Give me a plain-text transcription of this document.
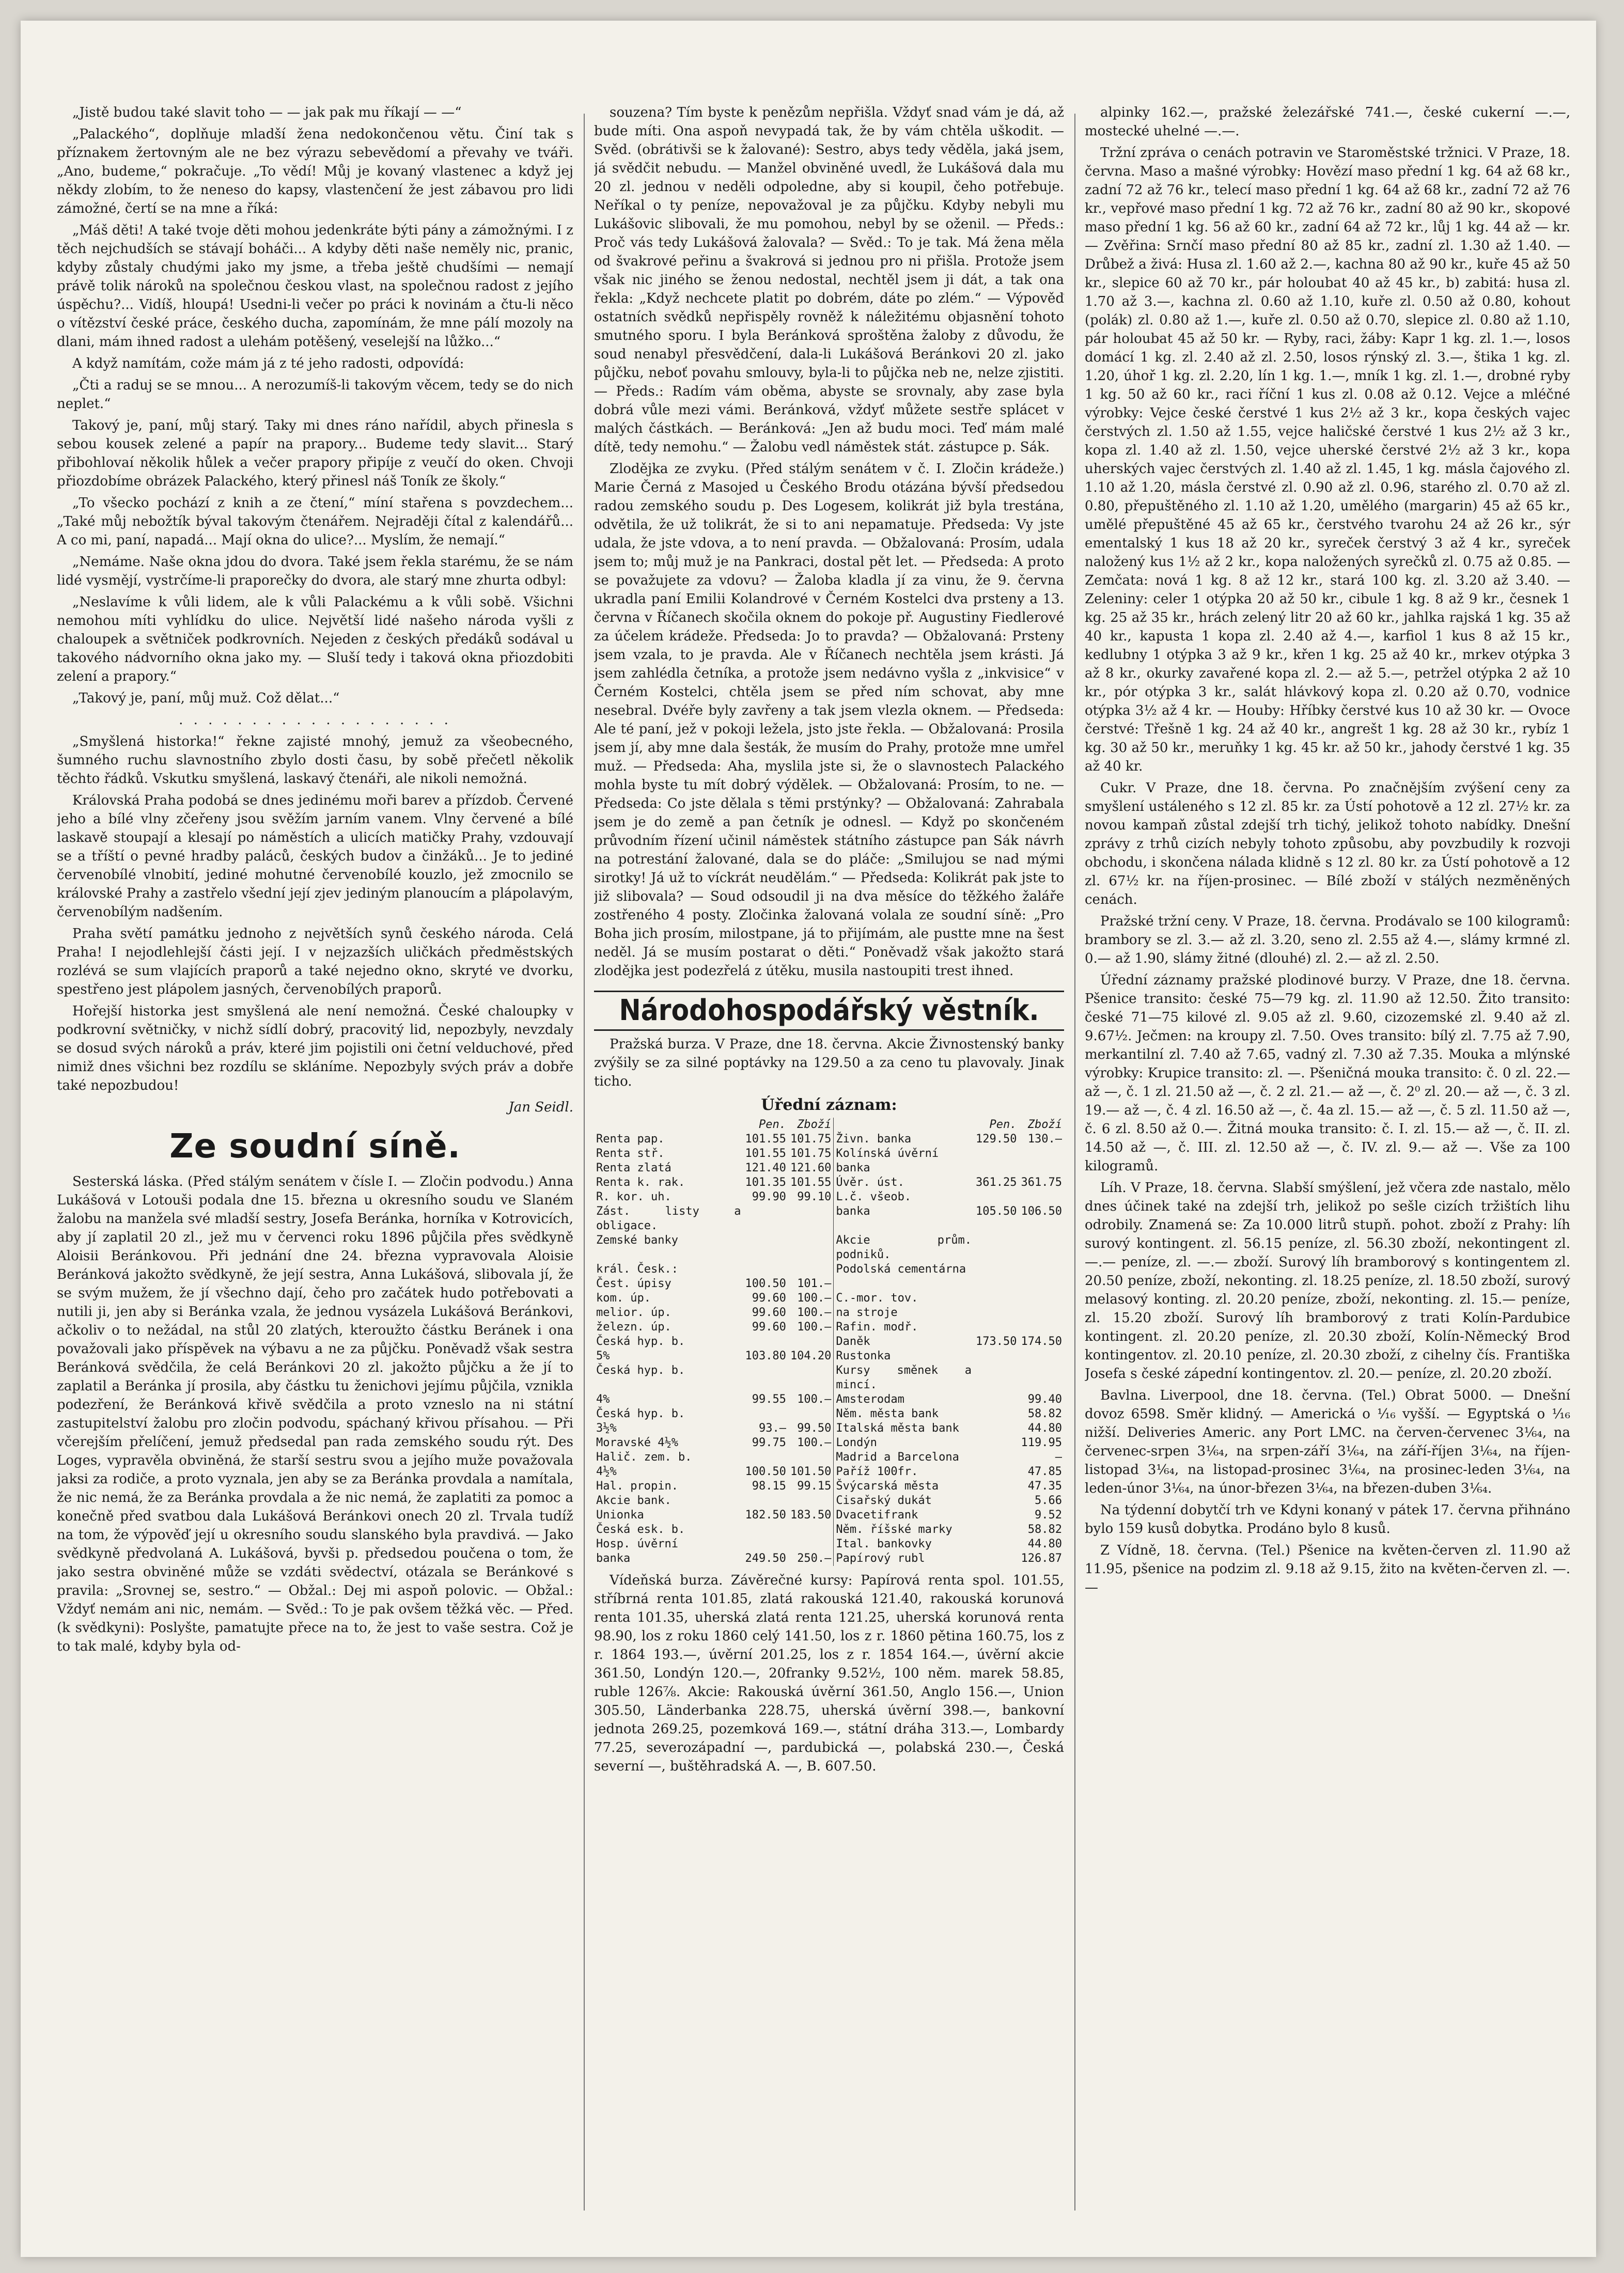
„Jistě budou také slavit toho — — jak pak mu říkají — —“

„Palackého“, doplňuje mladší žena nedokončenou větu. Činí tak s příznakem žertovným ale ne bez výrazu sebevědomí a převahy ve tváři. „Ano, budeme,“ pokračuje. „To vědí! Můj je kovaný vlastenec a když jej někdy zlobím, to že neneso do kapsy, vlastenčení že jest zábavou pro lidi zámožné, čertí se na mne a říká:

„Máš děti! A také tvoje děti mohou jedenkráte býti pány a zámožnými. I z těch nejchudších se stávají boháči... A kdyby děti naše neměly nic, pranic, kdyby zůstaly chudými jako my jsme, a třeba ještě chudšími — nemají právě tolik nároků na společnou českou vlast, na společnou radost z jejího úspěchu?... Vidíš, hloupá! Usedni-li večer po práci k novinám a čtu-li něco o vítězství české práce, českého ducha, zapomínám, že mne pálí mozoly na dlani, mám ihned radost a ulehám potěšený, veselejší na lůžko...“

A když namítám, cože mám já z té jeho radosti, odpovídá:

„Čti a raduj se se mnou... A nerozumíš-li takovým věcem, tedy se do nich neplet.“

Takový je, paní, můj starý. Taky mi dnes ráno nařídil, abych přinesla s sebou kousek zelené a papír na prapory... Budeme tedy slavit... Starý přibohlovaí několik hůlek a večer prapory připíje z veučí do oken. Chvoji přiozdobíme obrázek Palackého, který přinesl náš Toník ze školy.“

„To všecko pochází z knih a ze čtení,“ míní stařena s povzdechem... „Také můj nebožtík býval takovým čtenářem. Nejraději čítal z kalendářů... A co mi, paní, napadá... Mají okna do ulice?... Myslím, že nemají.“

„Nemáme. Naše okna jdou do dvora. Také jsem řekla starému, že se nám lidé vysmějí, vystrčíme-li praporečky do dvora, ale starý mne zhurta odbyl:

„Neslavíme k vůli lidem, ale k vůli Palackému a k vůli sobě. Všichni nemohou míti vyhlídku do ulice. Největší lidé našeho národa vyšli z chaloupek a světniček podkrovních. Nejeden z českých předáků sodával u takového nádvorního okna jako my. — Sluší tedy i taková okna přiozdobiti zelení a prapory.“

„Takový je, paní, můj muž. Což dělat...“

. . . . . . . . . . . . . . . . . . .

„Smyšlená historka!“ řekne zajisté mnohý, jemuž za všeobecného, šumného ruchu slavnostního zbylo dosti času, by sobě přečetl několik těchto řádků. Vskutku smyšlená, laskavý čtenáři, ale nikoli nemožná.

Královská Praha podobá se dnes jedinému moři barev a přízdob. Červené jeho a bílé vlny zčeřeny jsou svěžím jarním vanem. Vlny červené a bílé laskavě stoupají a klesají po náměstích a ulicích matičky Prahy, vzdouvají se a tříští o pevné hradby paláců, českých budov a činžáků... Je to jediné červenobílé vlnobití, jediné mohutné červenobílé kouzlo, jež zmocnilo se královské Prahy a zastřelo všední její zjev jediným planoucím a plápolavým, červenobílým nadšením.

Praha světí památku jednoho z největších synů českého národa. Celá Praha! I nejodlehlejší části její. I v nejzazších uličkách předměstských rozlévá se sum vlajících praporů a také nejedno okno, skryté ve dvorku, spestřeno jest plápolem jasných, červenobílých praporů.

Hořejší historka jest smyšlená ale není nemožná. České chaloupky v podkrovní světničky, v nichž sídlí dobrý, pracovitý lid, nepozbyly, nevzdaly se dosud svých nároků a práv, které jim pojistili oni četní velduchové, před nimiž dnes všichni bez rozdílu se skláníme. Nepozbyly svých práv a dobře také nepozbudou!

Jan Seidl.

Ze soudní síně.

Sesterská láska. (Před stálým senátem v čísle I. — Zločin podvodu.) Anna Lukášová v Lotouši podala dne 15. března u okresního soudu ve Slaném žalobu na manžela své mladší sestry, Josefa Beránka, horníka v Kotrovicích, aby jí zaplatil 20 zl., jež mu v červenci roku 1896 půjčila přes svědkyně Aloisii Beránkovou. Při jednání dne 24. března vypravovala Aloisie Beránková jakožto svědkyně, že její sestra, Anna Lukášová, slibovala jí, že se svým mužem, že jí všechno dají, čeho pro začátek hudo potřebovati a nutili ji, jen aby si Beránka vzala, že jednou vysázela Lukášová Beránkovi, ačkoliv o to nežádal, na stůl 20 zlatých, kteroužto částku Beránek i ona považovali jako příspěvek na výbavu a ne za půjčku. Poněvadž však sestra Beránková svědčila, že celá Beránkovi 20 zl. jakožto půjčku a že jí to zaplatil a Beránka jí prosila, aby částku tu ženichovi jejímu půjčila, vznikla podezření, že Beránková křivě svědčila a proto vzneslo na ni státní zastupitelství žalobu pro zločin podvodu, spáchaný křivou přísahou. — Při včerejším přelíčení, jemuž předsedal pan rada zemského soudu rýt. Des Loges, vypravěla obviněná, že starší sestru svou a jejího muže považovala jaksi za rodiče, a proto vyznala, jen aby se za Beránka provdala a namítala, že nic nemá, že za Beránka provdala a že nic nemá, že zaplatiti za pomoc a konečně před svatbou dala Lukášová Beránkovi onech 20 zl. Trvala tudíž na tom, že výpověď její u okresního soudu slanského byla pravdivá. — Jako svědkyně předvolaná A. Lukášová, byvši p. předsedou poučena o tom, že jako sestra obviněné může se vzdáti svědectví, otázala se Beránkové s pravila: „Srovnej se, sestro.“ — Obžal.: Dej mi aspoň polovic. — Obžal.: Vždyť nemám ani nic, nemám. — Svěd.: To je pak ovšem těžká věc. — Před. (k svědkyni): Poslyšte, pamatujte přece na to, že jest to vaše sestra. Což je to tak malé, kdyby byla od-

souzena? Tím byste k penězům nepřišla. Vždyť snad vám je dá, až bude míti. Ona aspoň nevypadá tak, že by vám chtěla uškodit. — Svěd. (obrátivši se k žalované): Sestro, abys tedy věděla, jaká jsem, já svědčit nebudu. — Manžel obviněné uvedl, že Lukášová dala mu 20 zl. jednou v neděli odpoledne, aby si koupil, čeho potřebuje. Neříkal o ty peníze, nepovažoval je za půjčku. Kdyby nebyli mu Lukášovic slibovali, že mu pomohou, nebyl by se oženil. — Předs.: Proč vás tedy Lukášová žalovala? — Svěd.: To je tak. Má žena měla od švakrové peřinu a švakrová si jednou pro ni přišla. Protože jsem však nic jiného se ženou nedostal, nechtěl jsem ji dát, a tak ona řekla: „Když nechcete platit po dobrém, dáte po zlém.“ — Výpověď ostatních svědků nepřispěly rovněž k náležitému objasnění tohoto smutného sporu. I byla Beránková sproštěna žaloby z důvodu, že soud nenabyl přesvědčení, dala-li Lukášová Beránkovi 20 zl. jako půjčku, neboť povahu smlouvy, byla-li to půjčka neb ne, nelze zjistiti. — Předs.: Radím vám oběma, abyste se srovnaly, aby zase byla dobrá vůle mezi vámi. Beránková, vždyť můžete sestře splácet v malých částkách. — Beránková: „Jen až budu moci. Teď mám malé dítě, tedy nemohu.“ — Žalobu vedl náměstek stát. zástupce p. Sák.

Zlodějka ze zvyku. (Před stálým senátem v č. I. Zločin krádeže.) Marie Černá z Masojed u Českého Brodu otázána bývší předsedou radou zemského soudu p. Des Logesem, kolikrát již byla trestána, odvětila, že už tolikrát, že si to ani nepamatuje. Předseda: Vy jste udala, že jste vdova, a to není pravda. — Obžalovaná: Prosím, udala jsem to; můj muž je na Pankraci, dostal pět let. — Předseda: A proto se považujete za vdovu? — Žaloba kladla jí za vinu, že 9. června ukradla paní Emilii Kolandrové v Černém Kostelci dva prsteny a 13. června v Říčanech skočila oknem do pokoje př. Augustiny Fiedlerové za účelem krádeže. Předseda: Jo to pravda? — Obžalovaná: Prsteny jsem vzala, to je pravda. Ale v Říčanech nechtěla jsem krásti. Já jsem zahlédla četníka, a protože jsem nedávno vyšla z „inkvisice“ v Černém Kostelci, chtěla jsem se před ním schovat, aby mne nesebral. Dvéře byly zavřeny a tak jsem vlezla oknem. — Předseda: Ale té paní, jež v pokoji ležela, jsto jste řekla. — Obžalovaná: Prosila jsem jí, aby mne dala šesták, že musím do Prahy, protože mne umřel muž. — Předseda: Aha, myslila jste si, že o slavnostech Palackého mohla byste tu mít dobrý výdělek. — Obžalovaná: Prosím, to ne. — Předseda: Co jste dělala s těmi prstýnky? — Obžalovaná: Zahrabala jsem je do země a pan četník je odnesl. — Když po skončeném průvodním řízení učinil náměstek státního zástupce pan Sák návrh na potrestání žalované, dala se do pláče: „Smilujou se nad mými sirotky! Já už to víckrát neudělám.“ — Předseda: Kolikrát pak jste to již slibovala? — Soud odsoudil ji na dva měsíce do těžkého žaláře zostřeného 4 posty. Zločinka žalovaná volala ze soudní síně: „Pro Boha jich prosím, milostpane, já to přijímám, ale pustte mne na šest neděl. Já se musím postarat o děti.“ Poněvadž však jakožto stará zlodějka jest podezřelá z útěku, musila nastoupiti trest ihned.

Národohospodářský věstník.

Pražská burza. V Praze, dne 18. června. Akcie Živnostenský banky zvýšily se za silné poptávky na 129.50 a za ceno tu plavovaly. Jinak ticho.

Úřední záznam:
	Pen.	Zboží		Pen.	Zboží
Renta pap.	101.55	101.75	Živn. banka	129.50	130.—
Renta stř.	101.55	101.75	Kolínská úvěrní		
Renta zlatá	121.40	121.60	banka		
Renta k. rak.	101.35	101.55	Úvěr. úst.	361.25	361.75
R. kor. uh.	99.90	99.10	L.č. všeob.		
Zást. listy a obligace.			banka	105.50	106.50
Zemské banky			Akcie prům. podniků.		
král. Česk.:			Podolská cementárna		
Čest. úpisy	100.50	101.—			
kom. úp.	99.60	100.—	C.-mor. tov.		
melior. úp.	99.60	100.—	na stroje		
železn. úp.	99.60	100.—	Rafin. modř.		
Česká hyp. b.			Daněk	173.50	174.50
5%	103.80	104.20	Rustonka		
Česká hyp. b.			Kursy směnek a mincí.		
4%	99.55	100.—	Amsterodam		99.40
Česká hyp. b.			Něm. města bank		58.82
3½%	93.—	99.50	Italská města bank		44.80
Moravské 4½%	99.75	100.—	Londýn		119.95
Halič. zem. b.			Madrid a Barcelona		—
4½%	100.50	101.50	Paříž 100fr.		47.85
Hal. propin.	98.15	99.15	Švýcarská města		47.35
Akcie bank.			Cisařský dukát		5.66
Unionka	182.50	183.50	Dvacetifrank		9.52
Česká esk. b.			Něm. říšské marky		58.82
Hosp. úvěrní			Ital. bankovky		44.80
banka	249.50	250.—	Papírový rubl		126.87

Vídeňská burza. Závěrečné kursy: Papírová renta spol. 101.55, stříbrná renta 101.85, zlatá rakouská 121.40, rakouská korunová renta 101.35, uherská zlatá renta 121.25, uherská korunová renta 98.90, los z roku 1860 celý 141.50, los z r. 1860 pětina 160.75, los z r. 1864 193.—, úvěrní 201.25, los z r. 1854 164.—, úvěrní akcie 361.50, Londýn 120.—, 20franky 9.52½, 100 něm. marek 58.85, ruble 126⅞. Akcie: Rakouská úvěrní 361.50, Anglo 156.—, Union 305.50, Länderbanka 228.75, uherská úvěrní 398.—, bankovní jednota 269.25, pozemková 169.—, státní dráha 313.—, Lombardy 77.25, severozápadní —, pardubická —, polabská 230.—, Česká severní —, buštěhradská A. —, B. 607.50.

alpinky 162.—, pražské železářské 741.—, české cukerní —.—, mostecké uhelné —.—.

Tržní zpráva o cenách potravin ve Staroměstské tržnici. V Praze, 18. června. Maso a mašné výrobky: Hovězí maso přední 1 kg. 64 až 68 kr., zadní 72 až 76 kr., telecí maso přední 1 kg. 64 až 68 kr., zadní 72 až 76 kr., vepřové maso přední 1 kg. 72 až 76 kr., zadní 80 až 90 kr., skopové maso přední 1 kg. 56 až 60 kr., zadní 64 až 72 kr., lůj 1 kg. 44 až — kr. — Zvěřina: Srnčí maso přední 80 až 85 kr., zadní zl. 1.30 až 1.40. — Drůbež a živá: Husa zl. 1.60 až 2.—, kachna 80 až 90 kr., kuře 45 až 50 kr., slepice 60 až 70 kr., pár holoubat 40 až 45 kr., b) zabitá: husa zl. 1.70 až 3.—, kachna zl. 0.60 až 1.10, kuře zl. 0.50 až 0.80, kohout (polák) zl. 0.80 až 1.—, kuře zl. 0.50 až 0.70, slepice zl. 0.80 až 1.10, pár holoubat 45 až 50 kr. — Ryby, raci, žáby: Kapr 1 kg. zl. 1.—, losos domácí 1 kg. zl. 2.40 až zl. 2.50, losos rýnský zl. 3.—, štika 1 kg. zl. 1.20, úhoř 1 kg. zl. 2.20, lín 1 kg. 1.—, mník 1 kg. zl. 1.—, drobné ryby 1 kg. 50 až 60 kr., raci říční 1 kus zl. 0.08 až 0.12. Vejce a mléčné výrobky: Vejce české čerstvé 1 kus 2½ až 3 kr., kopa českých vajec čerstvých zl. 1.50 až 1.55, vejce haličské čerstvé 1 kus 2½ až 3 kr., kopa zl. 1.40 až zl. 1.50, vejce uherské čerstvé 2½ až 3 kr., kopa uherských vajec čerstvých zl. 1.40 až zl. 1.45, 1 kg. másla čajového zl. 1.10 až 1.20, másla čerstvé zl. 0.90 až zl. 0.96, starého zl. 0.70 až zl. 0.80, přepuštěného zl. 1.10 až 1.20, umělého (margarin) 45 až 65 kr., umělé přepuštěné 45 až 65 kr., čerstvého tvarohu 24 až 26 kr., sýr ementalský 1 kus 18 až 20 kr., syreček čerstvý 3 až 4 kr., syreček naložený kus 1½ až 2 kr., kopa naložených syrečků zl. 0.75 až 0.85. — Zemčata: nová 1 kg. 8 až 12 kr., stará 100 kg. zl. 3.20 až 3.40. — Zeleniny: celer 1 otýpka 20 až 50 kr., cibule 1 kg. 8 až 9 kr., česnek 1 kg. 25 až 35 kr., hrách zelený litr 20 až 60 kr., jahlka rajská 1 kg. 35 až 40 kr., kapusta 1 kopa zl. 2.40 až 4.—, karfiol 1 kus 8 až 15 kr., kedlubny 1 otýpka 3 až 9 kr., křen 1 kg. 25 až 40 kr., mrkev otýpka 3 až 8 kr., okurky zavařené kopa zl. 2.— až 5.—, petržel otýpka 2 až 10 kr., pór otýpka 3 kr., salát hlávkový kopa zl. 0.20 až 0.70, vodnice otýpka 3½ až 4 kr. — Houby: Hříbky čerstvé kus 10 až 30 kr. — Ovoce čerstvé: Třešně 1 kg. 24 až 40 kr., angrešt 1 kg. 28 až 30 kr., rybíz 1 kg. 30 až 50 kr., meruňky 1 kg. 45 kr. až 50 kr., jahody čerstvé 1 kg. 35 až 40 kr.

Cukr. V Praze, dne 18. června. Po značnějším zvýšení ceny za smyšlení ustáleného s 12 zl. 85 kr. za Ústí pohotově a 12 zl. 27½ kr. za novou kampaň zůstal zdejší trh tichý, jelikož tohoto nabídky. Dnešní zprávy z trhů cizích nebyly tohoto způsobu, aby povzbudily k rozvoji obchodu, i skončena nálada klidně s 12 zl. 80 kr. za Ústí pohotově a 12 zl. 67½ kr. na říjen-prosinec. — Bílé zboží v stálých nezměněných cenách.

Pražské tržní ceny. V Praze, 18. června. Prodávalo se 100 kilogramů: brambory se zl. 3.— až zl. 3.20, seno zl. 2.55 až 4.—, slámy krmné zl. 0.— až 1.90, slámy žitné (dlouhé) zl. 2.— až zl. 2.50.

Úřední záznamy pražské plodinové burzy. V Praze, dne 18. června. Pšenice transito: české 75—79 kg. zl. 11.90 až 12.50. Žito transito: české 71—75 kilové zl. 9.05 až zl. 9.60, cizozemské zl. 9.40 až zl. 9.67½. Ječmen: na kroupy zl. 7.50. Oves transito: bílý zl. 7.75 až 7.90, merkantilní zl. 7.40 až 7.65, vadný zl. 7.30 až 7.35. Mouka a mlýnské výrobky: Krupice transito: zl. —. Pšeničná mouka transito: č. 0 zl. 22.— až —, č. 1 zl. 21.50 až —, č. 2 zl. 21.— až —, č. 2⁰ zl. 20.— až —, č. 3 zl. 19.— až —, č. 4 zl. 16.50 až —, č. 4a zl. 15.— až —, č. 5 zl. 11.50 až —, č. 6 zl. 8.50 až 0.—. Žitná mouka transito: č. I. zl. 15.— až —, č. II. zl. 14.50 až —, č. III. zl. 12.50 až —, č. IV. zl. 9.— až —. Vše za 100 kilogramů.

Líh. V Praze, 18. června. Slabší smýšlení, jež včera zde nastalo, mělo dnes účinek také na zdejší trh, jelikož po sešle cizích tržištích lihu odrobily. Znamená se: Za 10.000 litrů stupň. pohot. zboží z Prahy: líh surový kontingent. zl. 56.15 peníze, zl. 56.30 zboží, nekontingent zl. —.— peníze, zl. —.— zboží. Surový líh bramborový s kontingentem zl. 20.50 peníze, zboží, nekonting. zl. 18.25 peníze, zl. 18.50 zboží, surový melasový konting. zl. 20.20 peníze, zboží, nekonting. zl. 15.— peníze, zl. 15.20 zboží. Surový líh bramborový z trati Kolín-Pardubice kontingent. zl. 20.20 peníze, zl. 20.30 zboží, Kolín-Německý Brod kontingentov. zl. 20.10 peníze, zl. 20.30 zboží, z cihelny čís. Františka Josefa s české zápední kontingentov. zl. 20.— peníze, zl. 20.20 zboží.

Bavlna. Liverpool, dne 18. června. (Tel.) Obrat 5000. — Dnešní dovoz 6598. Směr klidný. — Americká o ⅟₁₆ vyšší. — Egyptská o ⅟₁₆ nižší. Deliveries Americ. any Port LMC. na červen-červenec 3⅟₆₄, na červenec-srpen 3⅟₆₄, na srpen-září 3⅟₆₄, na září-říjen 3⅟₆₄, na říjen-listopad 3⅟₆₄, na listopad-prosinec 3⅟₆₄, na prosinec-leden 3⅟₆₄, na leden-únor 3⅟₆₄, na únor-březen 3⅟₆₄, na březen-duben 3⅟₆₄.

Na týdenní dobytčí trh ve Kdyni konaný v pátek 17. června přihnáno bylo 159 kusů dobytka. Prodáno bylo 8 kusů.

Z Vídně, 18. června. (Tel.) Pšenice na květen-červen zl. 11.90 až 11.95, pšenice na podzim zl. 9.18 až 9.15, žito na květen-červen zl. —.—
